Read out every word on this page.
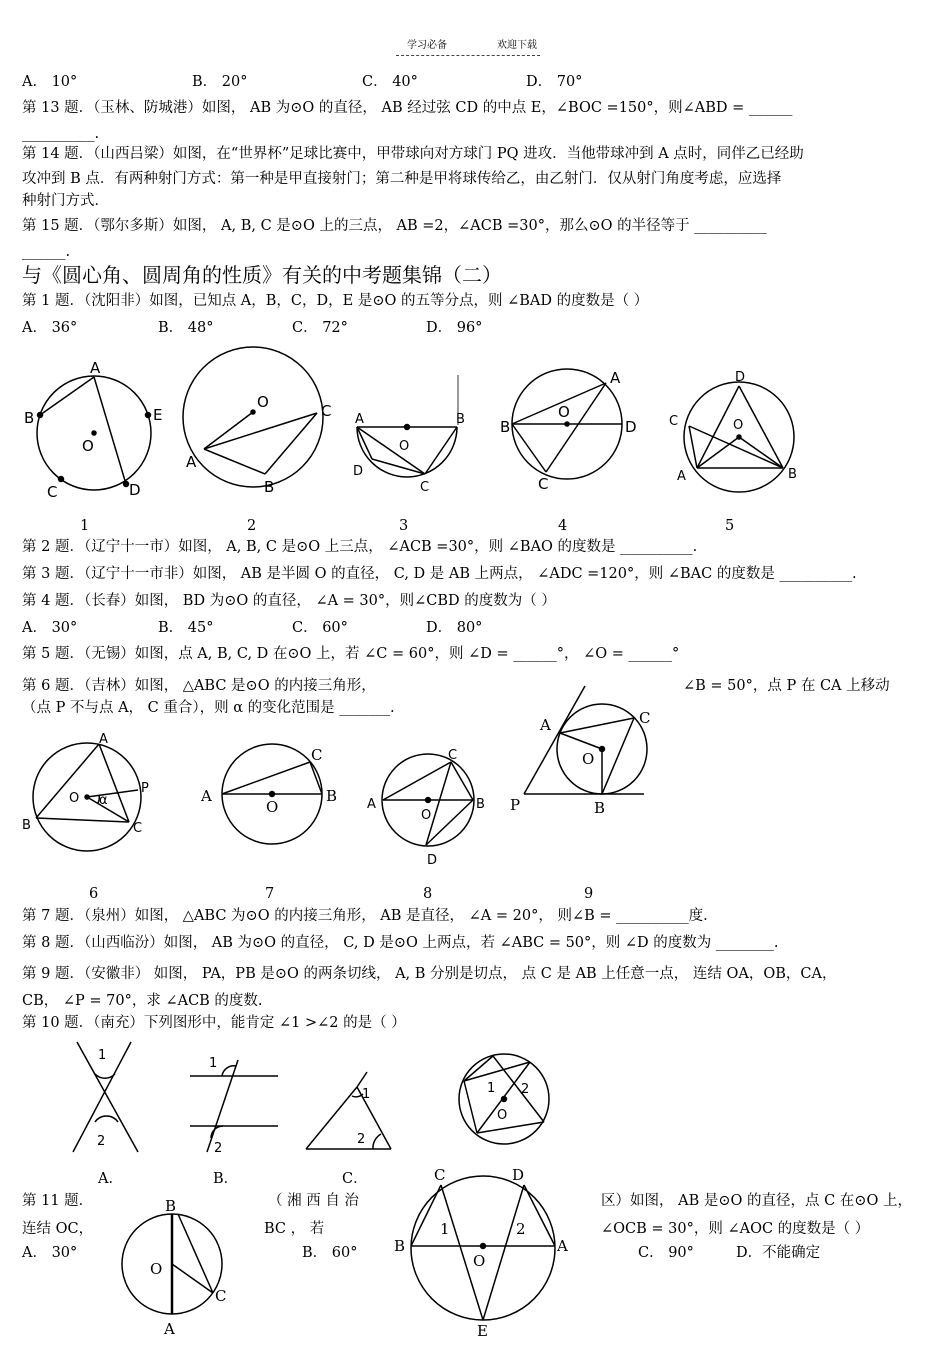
学习必备	欢迎下载
A． 10°	B． 20°	C． 40°	D． 70°
第 13 题．（玉林、防城港）如图， AB 为⊙O 的直径， AB 经过弦 CD 的中点 E，∠BOC =150°，则∠ABD = ______
__________.
第 14 题．（山西吕梁）如图，在“世界杯”足球比赛中，甲带球向对方球门 PQ 进攻．当他带球冲到 A 点时，同伴乙已经助
攻冲到 B 点．有两种射门方式：第一种是甲直接射门；第二种是甲将球传给乙，由乙射门．仅从射门角度考虑，应选择
种射门方式．
第 15 题．（鄂尔多斯）如图， A, B, C 是⊙O 上的三点， AB =2，∠ACB =30°，那么⊙O 的半径等于 __________
______.
与《圆心角、圆周角的性质》有关的中考题集锦（二）
第 1 题．（沈阳非）如图，已知点 A，B，C，D，E 是⊙O 的五等分点，则 ∠BAD 的度数是（ ）
A． 36°	B． 48°	C． 72°	D． 96°
1	2	3	4	5
第 2 题．（辽宁十一市）如图， A, B, C 是⊙O 上三点， ∠ACB =30°，则 ∠BAO 的度数是 __________.
第 3 题．（辽宁十一市非）如图， AB 是半圆 O 的直径， C, D 是 AB 上两点， ∠ADC =120°，则 ∠BAC 的度数是 __________.
第 4 题．（长春）如图， BD 为⊙O 的直径， ∠A = 30°，则∠CBD 的度数为（ ）
A． 30°	B． 45°	C． 60°	D． 80°
第 5 题．（无锡）如图，点 A, B, C, D 在⊙O 上，若 ∠C = 60°，则 ∠D = ______°， ∠O = ______°
第 6 题．（吉林）如图， △ABC 是⊙O 的内接三角形，	∠B = 50°，点 P 在 CA 上移动
（点 P 不与点 A， C 重合），则 α 的变化范围是 _______.
6	7	8	9
第 7 题．（泉州）如图， △ABC 为⊙O 的内接三角形， AB 是直径， ∠A = 20°， 则∠B = __________度.
第 8 题．（山西临汾）如图， AB 为⊙O 的直径， C, D 是⊙O 上两点，若 ∠ABC = 50°，则 ∠D 的度数为 ________.
第 9 题．（安徽非） 如图， PA，PB 是⊙O 的两条切线， A, B 分别是切点， 点 C 是 AB 上任意一点， 连结 OA，OB，CA，
CB， ∠P = 70°，求 ∠ACB 的度数.
第 10 题．（南充）下列图形中，能肯定 ∠1 >∠2 的是（ ）
A．	B．	C．
第 11 题．	（ 湘 西 自 治	区）如图， AB 是⊙O 的直径，点 C 在⊙O 上，
连结 OC，	BC ， 若	∠OCB = 30°，则 ∠AOC 的度数是（ ）
A． 30°	B． 60°	C． 90°	D．不能确定
A
B	E
O
C	D
O	C
A
B
A	B
O
D
C
A
O
B	D
C
D
C	O
A	B
A
O α
P
B	C
C
A
O
B
C
A
O
B
D
A	C
O
P	B
1
2
1
2
1
2
1 2
O
B
O
C
A
C	D
1	2
B
O
A
E
